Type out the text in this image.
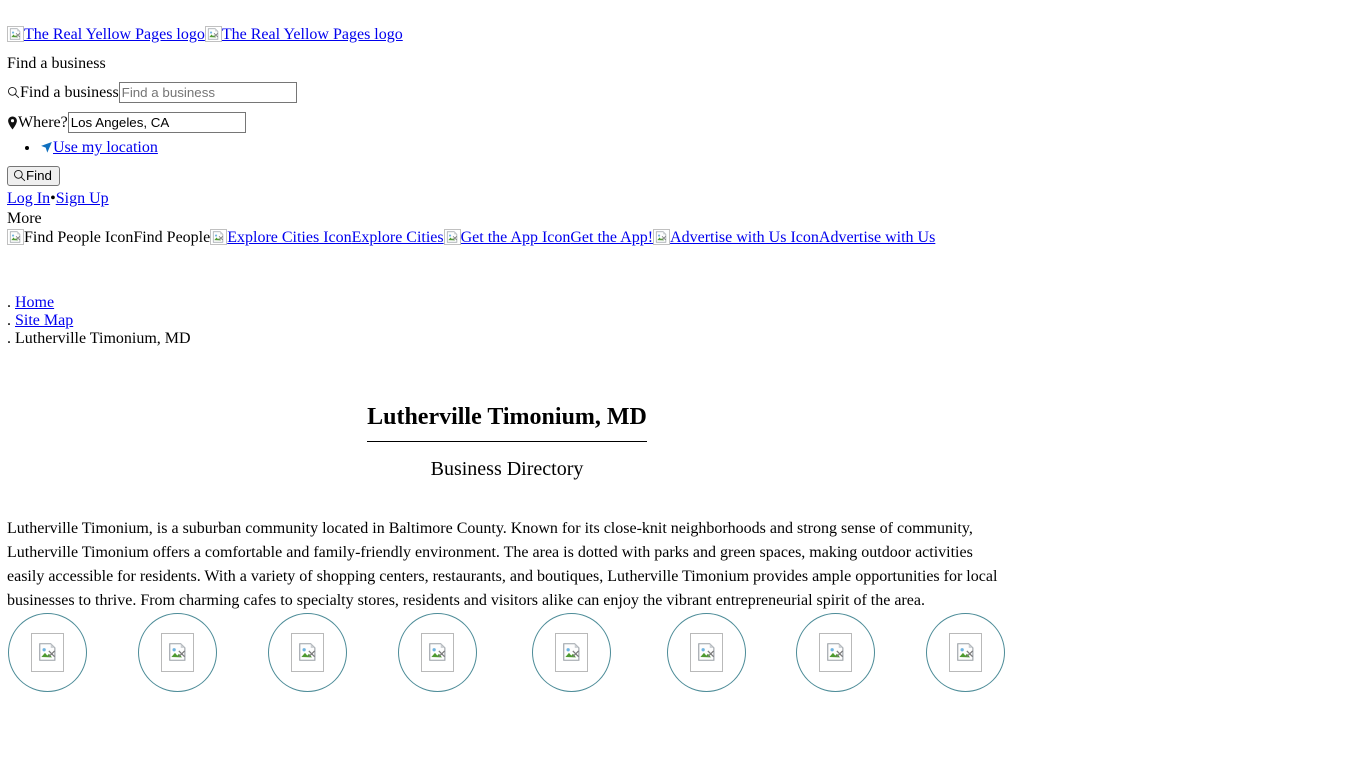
The Real Yellow Pages logo The Real Yellow Pages logo
Find a business
Find a businessFind a business
Where?Los Angeles, CA
• Use my location
Find
Log In•Sign Up
More
Find People IconFind People Explore Cities IconExplore Cities Get the App IconGet the App! Advertise with Us IconAdvertise with Us
. Home
. Site Map
. Lutherville Timonium, MD
Lutherville Timonium, MD
Business Directory

Lutherville Timonium, is a suburban community located in Baltimore County. Known for its close-knit neighborhoods and strong sense of community, Lutherville Timonium offers a comfortable and family-friendly environment. The area is dotted with parks and green spaces, making outdoor activities easily accessible for residents. With a variety of shopping centers, restaurants, and boutiques, Lutherville Timonium provides ample opportunities for local businesses to thrive. From charming cafes to specialty stores, residents and visitors alike can enjoy the vibrant entrepreneurial spirit of the area.
